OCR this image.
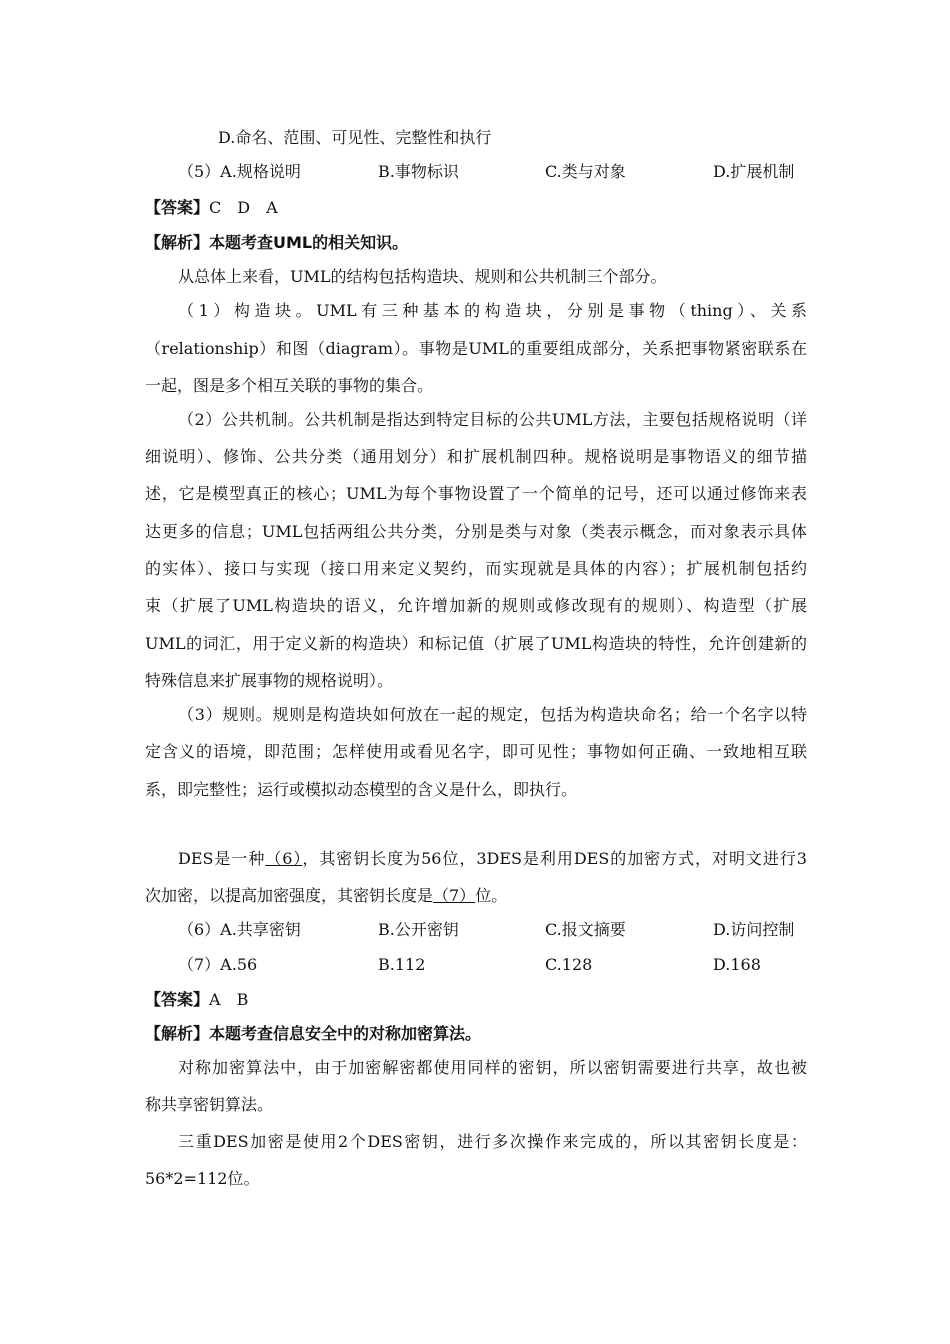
D.命名、范围、可见性、完整性和执行
（5）A.规格说明	B.事物标识	C.类与对象	D.扩展机制
【答案】C　D　A
【解析】本题考查UML的相关知识。
从总体上来看，UML的结构包括构造块、规则和公共机制三个部分。
（1）构造块。UML有三种基本的构造块，分别是事物（thing）、关系
（relationship）和图（diagram）。事物是UML的重要组成部分，关系把事物紧密联系在
一起，图是多个相互关联的事物的集合。
（2）公共机制。公共机制是指达到特定目标的公共UML方法，主要包括规格说明（详
细说明）、修饰、公共分类（通用划分）和扩展机制四种。规格说明是事物语义的细节描
述，它是模型真正的核心；UML为每个事物设置了一个简单的记号，还可以通过修饰来表
达更多的信息；UML包括两组公共分类，分别是类与对象（类表示概念，而对象表示具体
的实体）、接口与实现（接口用来定义契约，而实现就是具体的内容）；扩展机制包括约
束（扩展了UML构造块的语义，允许增加新的规则或修改现有的规则）、构造型（扩展
UML的词汇，用于定义新的构造块）和标记值（扩展了UML构造块的特性，允许创建新的
特殊信息来扩展事物的规格说明）。
（3）规则。规则是构造块如何放在一起的规定，包括为构造块命名；给一个名字以特
定含义的语境，即范围；怎样使用或看见名字，即可见性；事物如何正确、一致地相互联
系，即完整性；运行或模拟动态模型的含义是什么，即执行。
DES是一种（6），其密钥长度为56位，3DES是利用DES的加密方式，对明文进行3
次加密，以提高加密强度，其密钥长度是（7）位。
（6）A.共享密钥	B.公开密钥	C.报文摘要	D.访问控制
（7）A.56	B.112	C.128	D.168
【答案】A　B
【解析】本题考查信息安全中的对称加密算法。
对称加密算法中，由于加密解密都使用同样的密钥，所以密钥需要进行共享，故也被
称共享密钥算法。
三重DES加密是使用2个DES密钥，进行多次操作来完成的，所以其密钥长度是：
56*2=112位。
